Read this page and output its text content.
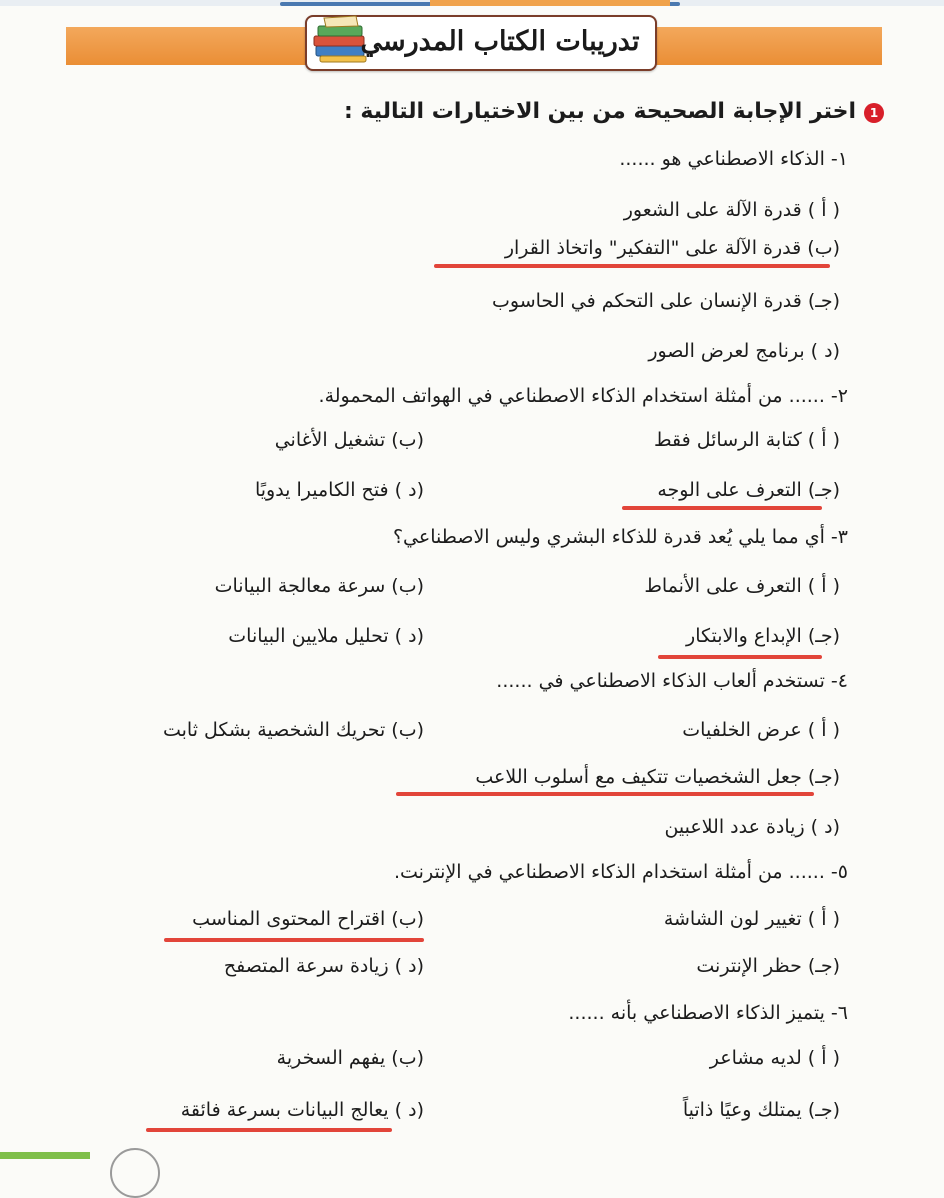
تدريبات الكتاب المدرسي
1
اختر الإجابة الصحيحة من بين الاختيارات التالية :
١- الذكاء الاصطناعي هو ......
( أ ) قدرة الآلة على الشعور
(ب) قدرة الآلة على "التفكير" واتخاذ القرار
(جـ) قدرة الإنسان على التحكم في الحاسوب
(د ) برنامج لعرض الصور
٢- ...... من أمثلة استخدام الذكاء الاصطناعي في الهواتف المحمولة.
( أ ) كتابة الرسائل فقط
(ب) تشغيل الأغاني
(جـ) التعرف على الوجه
(د ) فتح الكاميرا يدويًا
٣- أي مما يلي يُعد قدرة للذكاء البشري وليس الاصطناعي؟
( أ ) التعرف على الأنماط
(ب) سرعة معالجة البيانات
(جـ) الإبداع والابتكار
(د ) تحليل ملايين البيانات
٤- تستخدم ألعاب الذكاء الاصطناعي في ......
( أ ) عرض الخلفيات
(ب) تحريك الشخصية بشكل ثابت
(جـ) جعل الشخصيات تتكيف مع أسلوب اللاعب
(د ) زيادة عدد اللاعبين
٥- ...... من أمثلة استخدام الذكاء الاصطناعي في الإنترنت.
( أ ) تغيير لون الشاشة
(ب) اقتراح المحتوى المناسب
(جـ) حظر الإنترنت
(د ) زيادة سرعة المتصفح
٦- يتميز الذكاء الاصطناعي بأنه ......
( أ ) لديه مشاعر
(ب) يفهم السخرية
(جـ) يمتلك وعيًا ذاتياً
(د ) يعالج البيانات بسرعة فائقة
